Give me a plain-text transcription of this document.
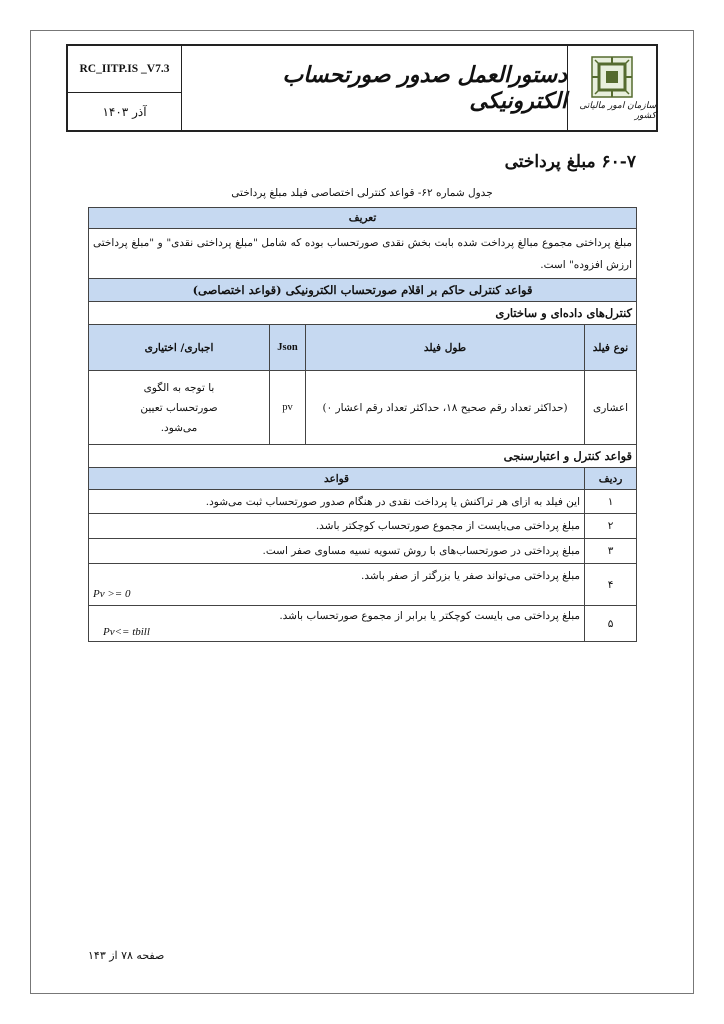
RC_IITP.IS _V7.3
آذر ۱۴۰۳
دستورالعمل صدور صورتحساب الکترونیکی	سازمان امور مالیاتی کشور
۶۰-۷ مبلغ پرداختی
جدول شماره ۶۲- قواعد کنترلی اختصاصی فیلد مبلغ پرداختی
تعریف			
مبلغ پرداختی مجموع مبالغ پرداخت شده بابت بخش نقدی صورتحساب بوده که شامل "مبلغ پرداختی نقدی" و "مبلغ پرداختی ارزش افزوده" است.			
قواعد کنترلی حاکم بر اقلام صورتحساب الکترونیکی (قواعد اختصاصی)			
کنترل‌های داده‌ای و ساختاری			
نوع فیلد	طول فیلد	Json	اجباری/ اختیاری
اعشاری	(حداکثر تعداد رقم صحیح ۱۸، حداکثر تعداد رقم اعشار ۰)	pv	با توجه به الگوی صورتحساب تعیین می‌شود.
قواعد کنترل و اعتبارسنجی			
ردیف	قواعد		
۱	این فیلد به ازای هر تراکنش یا پرداخت نقدی در هنگام صدور صورتحساب ثبت می‌شود.		
۲	مبلغ پرداختی می‌بایست از مجموع صورتحساب کوچکتر باشد.		
۳	مبلغ پرداختی در صورتحساب‌های با روش تسویه نسیه مساوی صفر است.		
۴	مبلغ پرداختی می‌تواند صفر یا بزرگتر از صفر باشد.
Pv >= 0		

۵	مبلغ پرداختی می بایست کوچکتر یا برابر از مجموع صورتحساب باشد.
Pv<= tbill		
صفحه ۷۸ از ۱۴۳
